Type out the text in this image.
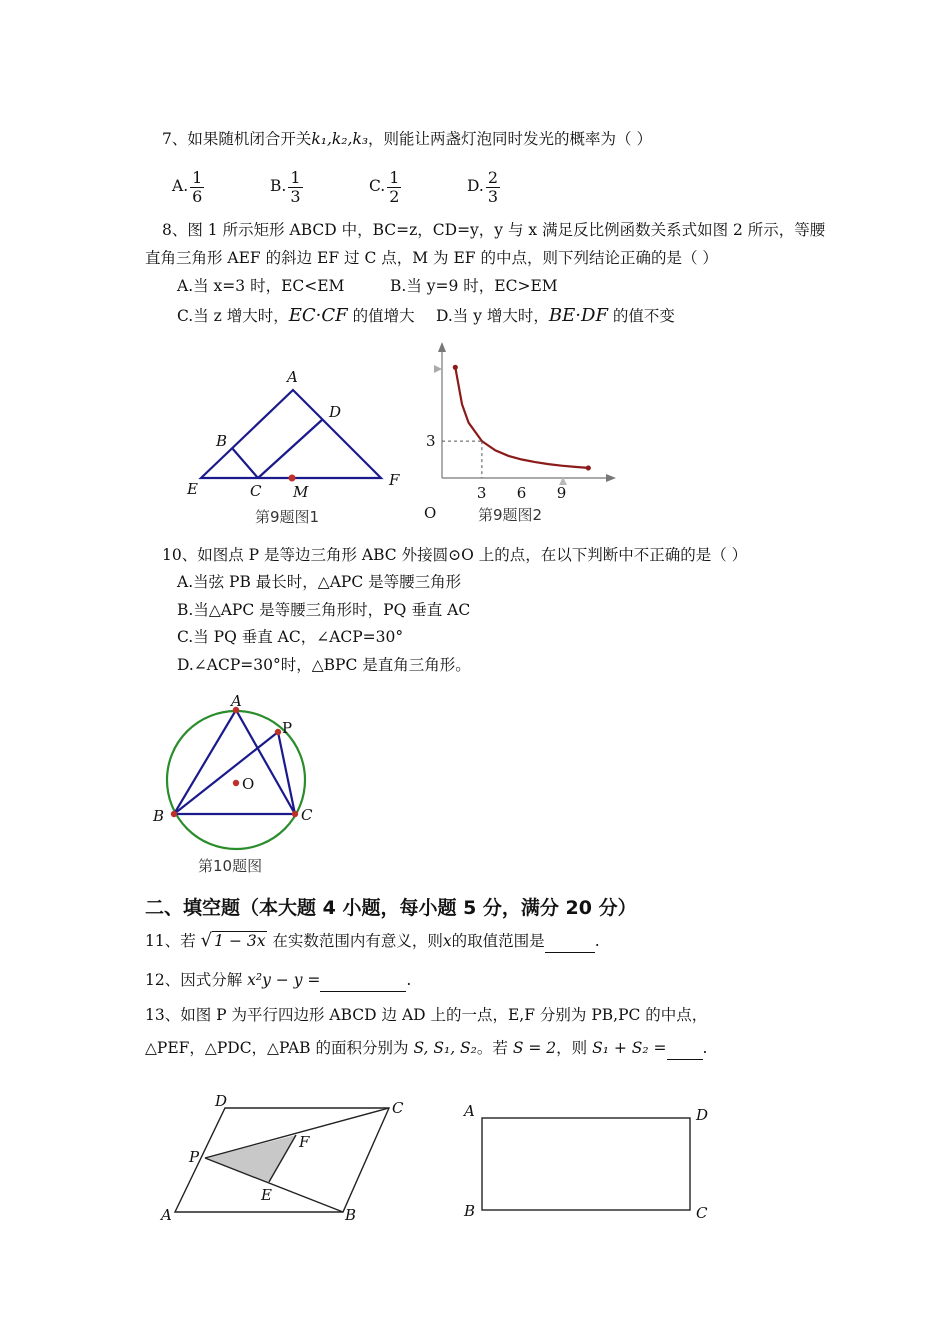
7、如果随机闭合开关k₁,k₂,k₃，则能让两盏灯泡同时发光的概率为（ ）
A. $\frac{1}{6}$	B. $\frac{1}{3}$	C. $\frac{1}{2}$	D. $\frac{2}{3}$
8、图 1 所示矩形 ABCD 中，BC=z，CD=y，y 与 x 满足反比例函数关系式如图 2 所示，等腰
直角三角形 AEF 的斜边 EF 过 C 点，M 为 EF 的中点，则下列结论正确的是（ ）
A.当 x=3 时，EC<EM	B.当 y=9 时，EC>EM
C.当 z 增大时，EC·CF 的值增大 D.当 y 增大时，BE·DF 的值不变
A
B
C
D
E	F
M
第9题图1	O
3 6 9
3
第9题图2
10、如图点 P 是等边三角形 ABC 外接圆⊙O 上的点，在以下判断中不正确的是（ ）
A.当弦 PB 最长时，△APC 是等腰三角形
B.当△APC 是等腰三角形时，PQ 垂直 AC
C.当 PQ 垂直 AC，∠ACP=30°
D.∠ACP=30°时，△BPC 是直角三角形。
A
B	C
P
O
第10题图
二、填空题（本大题 4 小题，每小题 5 分，满分 20 分）
11、若 √ 1 − 3x 在实数范围内有意义，则x的取值范围是	.
12、因式分解 x²y − y =	.
13、如图 P 为平行四边形 ABCD 边 AD 上的一点，E,F 分别为 PB,PC 的中点，
△PEF，△PDC，△PAB 的面积分别为 S, S₁, S₂。若 S = 2，则 S₁ + S₂ = .
A	B
C
D
P
E
F
A	D
B	C
